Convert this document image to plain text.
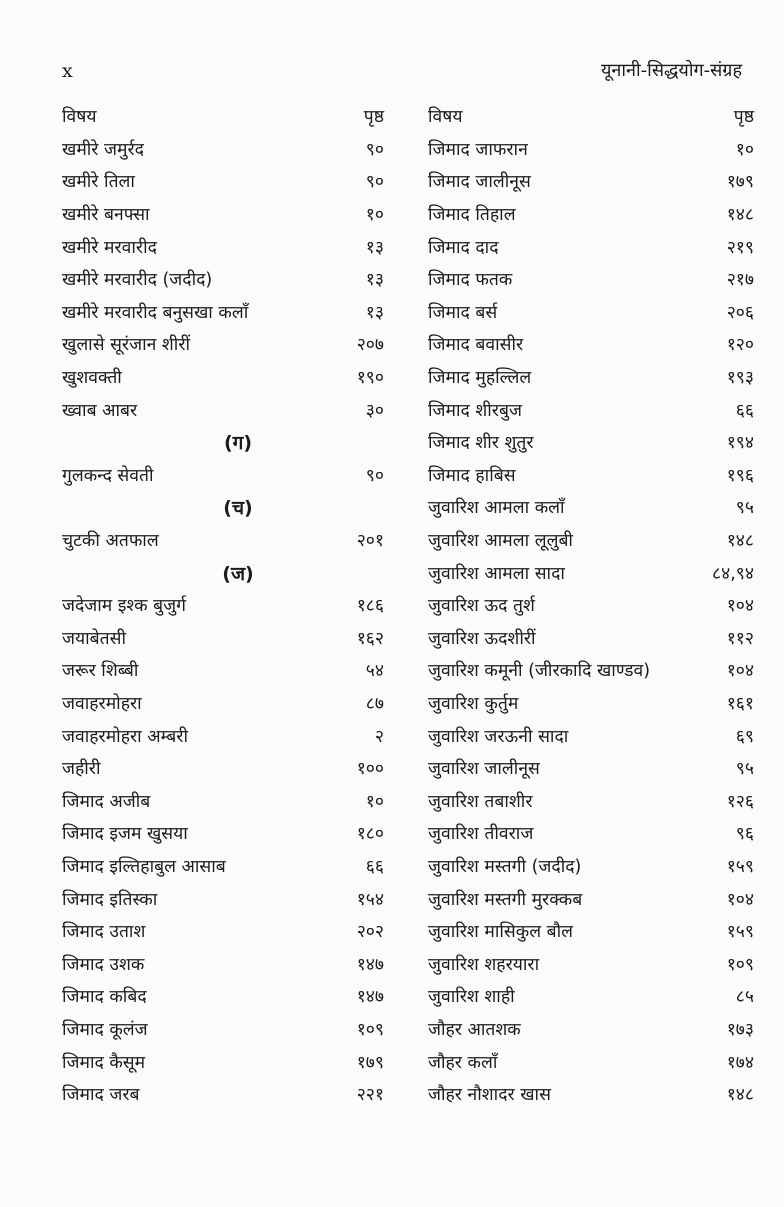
x	यूनानी-सिद्धयोग-संग्रह
विषय	पृष्ठ
खमीरे जमुर्रद	९०
खमीरे तिला	९०
खमीरे बनफ्सा	१०
खमीरे मरवारीद	१३
खमीरे मरवारीद (जदीद)	१३
खमीरे मरवारीद बनुसखा कलाँ	१३
खुलासे सूरंजान शीरीं	२०७
खुशवक्ती	१९०
ख्वाब आबर	३०
(ग)
गुलकन्द सेवती	९०
(च)
चुटकी अतफाल	२०१
(ज)
जदेजाम इश्क बुजुर्ग	१८६
जयाबेतसी	१६२
जरूर शिब्बी	५४
जवाहरमोहरा	८७
जवाहरमोहरा अम्बरी	२
जहीरी	१००
जिमाद अजीब	१०
जिमाद इजम खुसया	१८०
जिमाद इल्तिहाबुल आसाब	६६
जिमाद इतिस्का	१५४
जिमाद उताश	२०२
जिमाद उशक	१४७
जिमाद कबिद	१४७
जिमाद कूलंज	१०९
जिमाद कैसूम	१७९
जिमाद जरब	२२१
विषय	पृष्ठ
जिमाद जाफरान	१०
जिमाद जालीनूस	१७९
जिमाद तिहाल	१४८
जिमाद दाद	२१९
जिमाद फतक	२१७
जिमाद बर्स	२०६
जिमाद बवासीर	१२०
जिमाद मुहल्लिल	१९३
जिमाद शीरबुज	६६
जिमाद शीर शुतुर	१९४
जिमाद हाबिस	१९६
जुवारिश आमला कलाँ	९५
जुवारिश आमला लूलुबी	१४८
जुवारिश आमला सादा	८४,९४
जुवारिश ऊद तुर्श	१०४
जुवारिश ऊदशीरीं	११२
जुवारिश कमूनी (जीरकादि खाण्डव)	१०४
जुवारिश कुर्तुम	१६१
जुवारिश जरऊनी सादा	६९
जुवारिश जालीनूस	९५
जुवारिश तबाशीर	१२६
जुवारिश तीवराज	९६
जुवारिश मस्तगी (जदीद)	१५९
जुवारिश मस्तगी मुरक्कब	१०४
जुवारिश मासिकुल बौल	१५९
जुवारिश शहरयारा	१०९
जुवारिश शाही	८५
जौहर आतशक	१७३
जौहर कलाँ	१७४
जौहर नौशादर खास	१४८
